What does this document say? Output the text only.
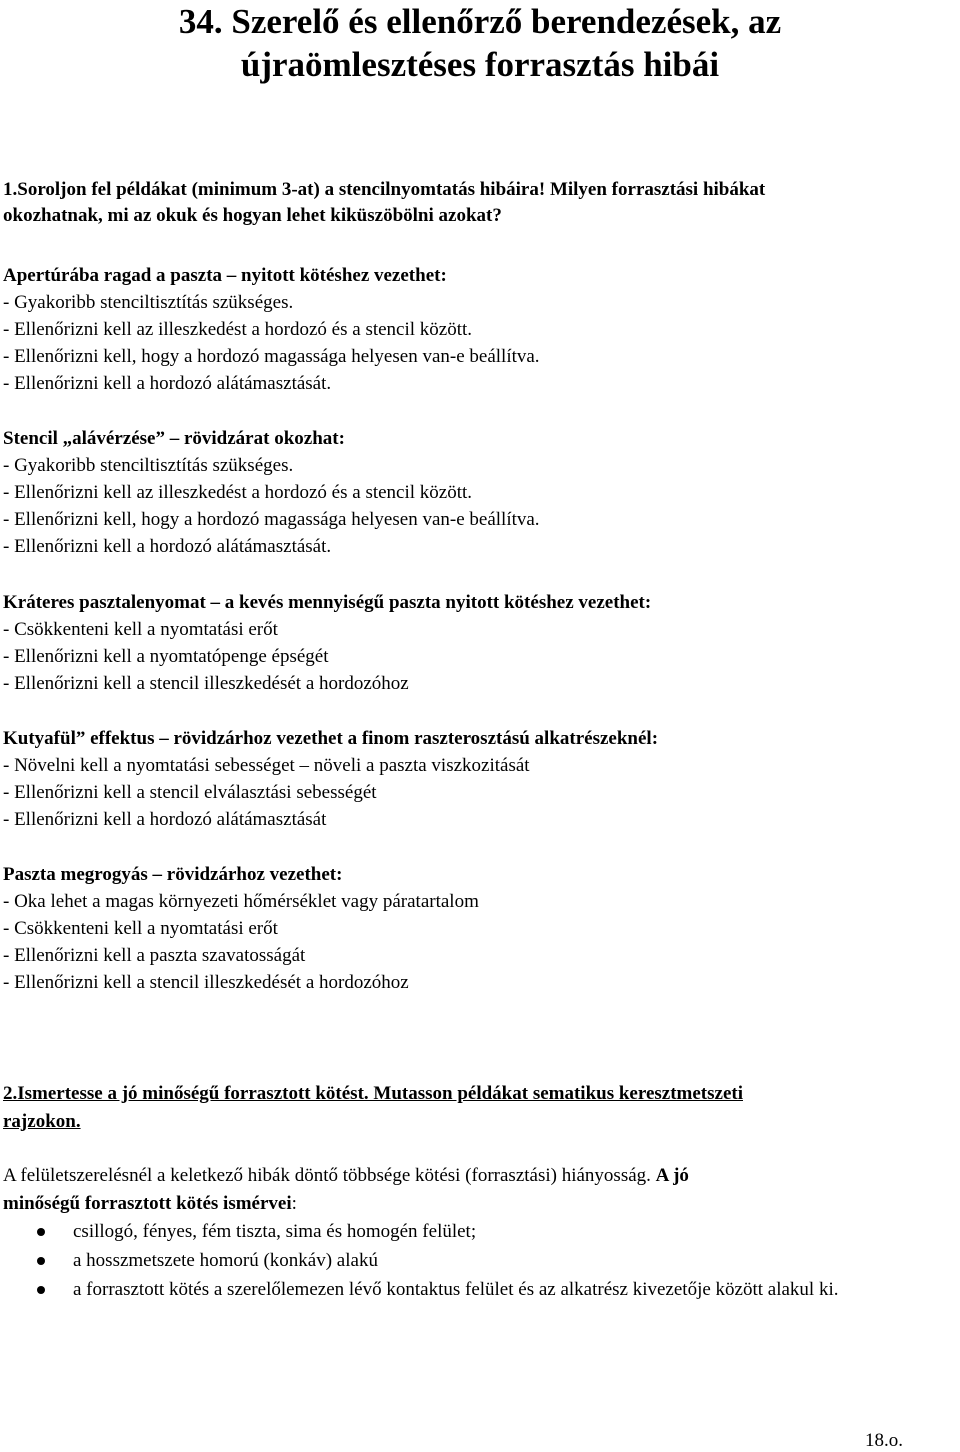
34. Szerelő és ellenőrző berendezések, az
újraömlesztéses forrasztás hibái
1.Soroljon fel példákat (minimum 3-at) a stencilnyomtatás hibáira! Milyen forrasztási hibákat
okozhatnak, mi az okuk és hogyan lehet kiküszöbölni azokat?
Apertúrába ragad a paszta – nyitott kötéshez vezethet:
- Gyakoribb stenciltisztítás szükséges.
- Ellenőrizni kell az illeszkedést a hordozó és a stencil között.
- Ellenőrizni kell, hogy a hordozó magassága helyesen van-e beállítva.
- Ellenőrizni kell a hordozó alátámasztását.
Stencil „alávérzése” – rövidzárat okozhat:
- Gyakoribb stenciltisztítás szükséges.
- Ellenőrizni kell az illeszkedést a hordozó és a stencil között.
- Ellenőrizni kell, hogy a hordozó magassága helyesen van-e beállítva.
- Ellenőrizni kell a hordozó alátámasztását.
Kráteres pasztalenyomat – a kevés mennyiségű paszta nyitott kötéshez vezethet:
- Csökkenteni kell a nyomtatási erőt
- Ellenőrizni kell a nyomtatópenge épségét
- Ellenőrizni kell a stencil illeszkedését a hordozóhoz
Kutyafül” effektus – rövidzárhoz vezethet a finom raszterosztású alkatrészeknél:
- Növelni kell a nyomtatási sebességet – növeli a paszta viszkozitását
- Ellenőrizni kell a stencil elválasztási sebességét
- Ellenőrizni kell a hordozó alátámasztását
Paszta megrogyás – rövidzárhoz vezethet:
- Oka lehet a magas környezeti hőmérséklet vagy páratartalom
- Csökkenteni kell a nyomtatási erőt
- Ellenőrizni kell a paszta szavatosságát
- Ellenőrizni kell a stencil illeszkedését a hordozóhoz
2.Ismertesse a jó minőségű forrasztott kötést. Mutasson példákat sematikus keresztmetszeti
rajzokon.
A felületszerelésnél a keletkező hibák döntő többsége kötési (forrasztási) hiányosság. A jó
minőségű forrasztott kötés ismérvei:
csillogó, fényes, fém tiszta, sima és homogén felület;
a hosszmetszete homorú (konkáv) alakú
a forrasztott kötés a szerelőlemezen lévő kontaktus felület és az alkatrész kivezetője között alakul ki.
18.o.
